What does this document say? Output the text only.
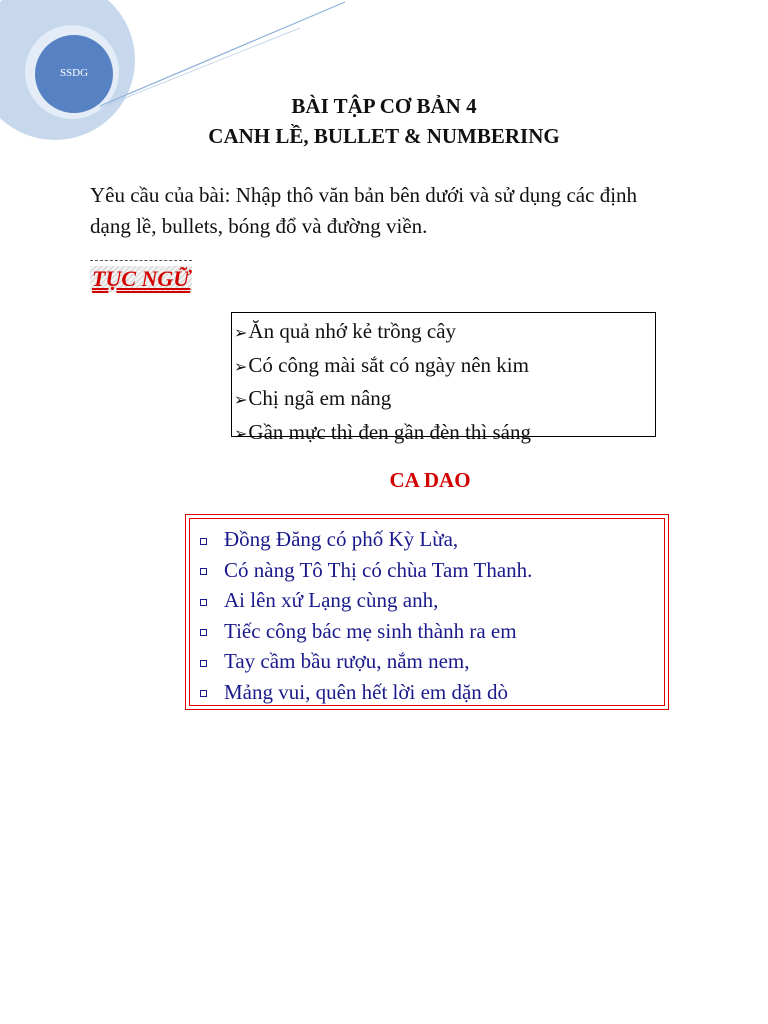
SSDG
BÀI TẬP CƠ BẢN 4
CANH LỀ, BULLET & NUMBERING
Yêu cầu của bài: Nhập thô văn bản bên dưới và sử dụng các định dạng lề, bullets, bóng đổ và đường viền.
TỤC NGỮ
➢Ăn quả nhớ kẻ trồng cây
➢Có công mài sắt có ngày nên kim
➢Chị ngã em nâng
➢Gần mực thì đen gần đèn thì sáng
CA DAO
Đồng Đăng có phố Kỳ Lừa,
Có nàng Tô Thị có chùa Tam Thanh.
Ai lên xứ Lạng cùng anh,
Tiếc công bác mẹ sinh thành ra em
Tay cầm bầu rượu, nắm nem,
Mảng vui, quên hết lời em dặn dò
